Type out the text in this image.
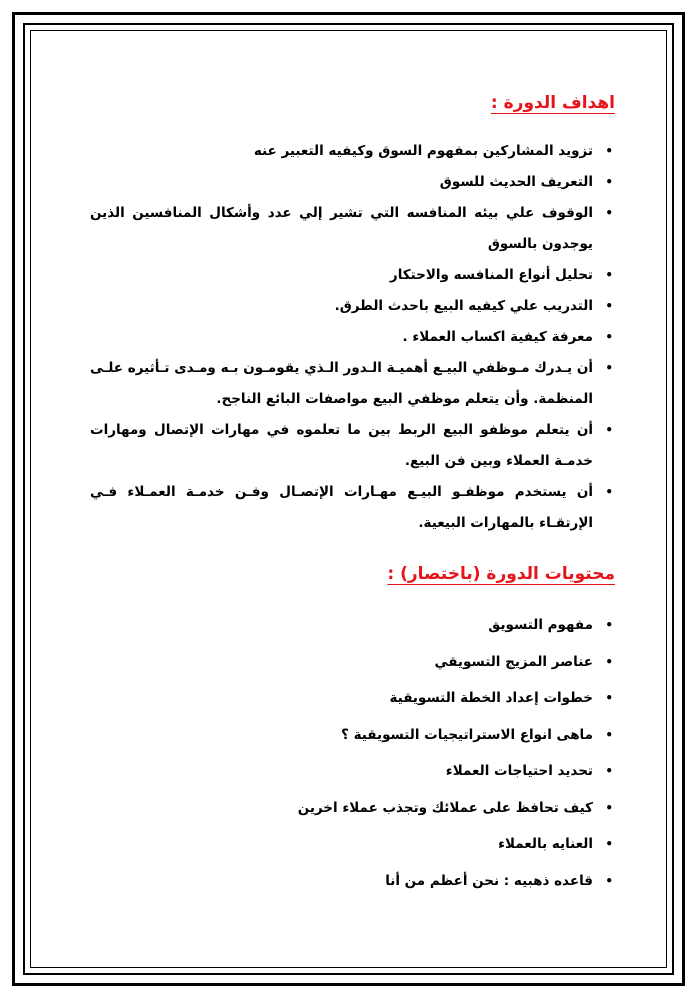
اهداف الدورة :
•
تزويد المشاركين بمفهوم السوق وكيفيه التعبير عنه
•
التعريف الحديث للسوق
•
الوقوف علي بيئه المنافسه التي تشير إلي عدد وأشكال المنافسين الذين يوجدون بالسوق
•
تحليل أنواع المنافسه والاحتكار
•
التدريب علي كيفيه البيع باحدث الطرق.
•
معرفة كيفية اكساب العملاء .
•
أن يـدرك مـوظفي البيـع أهميـة الـدور الـذي يقومـون بـه ومـدى تـأثيره علـى المنظمة. وأن يتعلم موظفي البيع مواصفات البائع الناجح.
•
أن يتعلم موظفو البيع الربط بين ما تعلموه في مهارات الإتصال ومهارات خدمـة العملاء وبين فن البيع.
•
أن يستخدم موظفـو البيـع مهـارات الإتصـال وفـن خدمـة العمـلاء فـي الإرتقـاء بالمهارات البيعية.
محتويات الدورة (باختصار) :
•
مفهوم التسويق
•
عناصر المزيج التسويقي
•
خطوات إعداد الخطة التسويقية
•
ماهى انواع الاستراتيجيات التسويقية ؟
•
تحديد احتياجات العملاء
•
كيف تحافظ على عملائك وتجذب عملاء اخرين
•
العنايه بالعملاء
•
قاعده ذهبيه : نحن أعظم من أنا
